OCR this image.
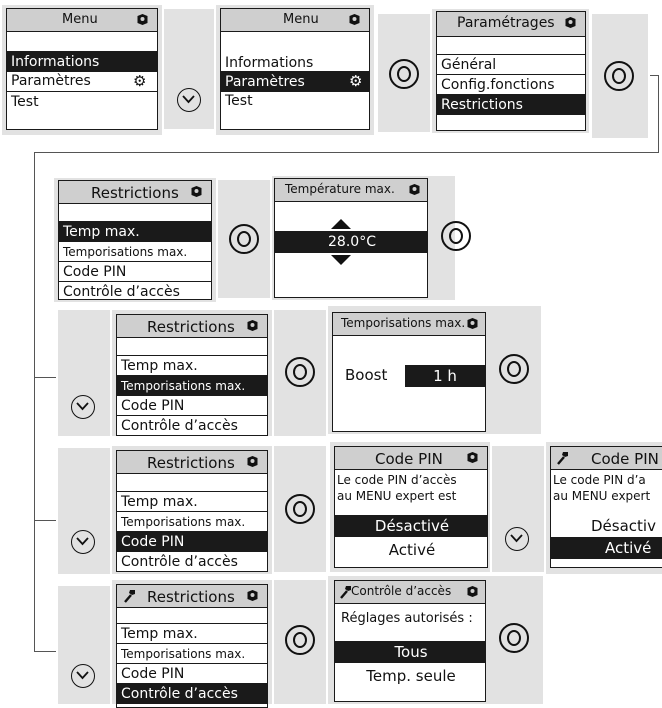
Menu
Informations
Paramètres	⚙
Test
Menu
Informations
Paramètres	⚙
Test
Paramétrages
Général
Config.fonctions
Restrictions
Restrictions
Temp max.
Temporisations max.
Code PIN
Contrôle d’accès
Température max.
28.0°C
Restrictions
Temp max.
Temporisations max.
Code PIN
Contrôle d’accès
Temporisations max.
Boost	1 h
Restrictions
Temp max.
Temporisations max.
Code PIN
Contrôle d’accès
Code PIN
Le code PIN d’accès
au MENU expert est
Désactivé
Activé
Code PIN
Le code PIN d’a
au MENU expert
Désactiv
Activé
Restrictions
Temp max.
Temporisations max.
Code PIN
Contrôle d’accès
Contrôle d’accès
Réglages autorisés :
Tous
Temp. seule
